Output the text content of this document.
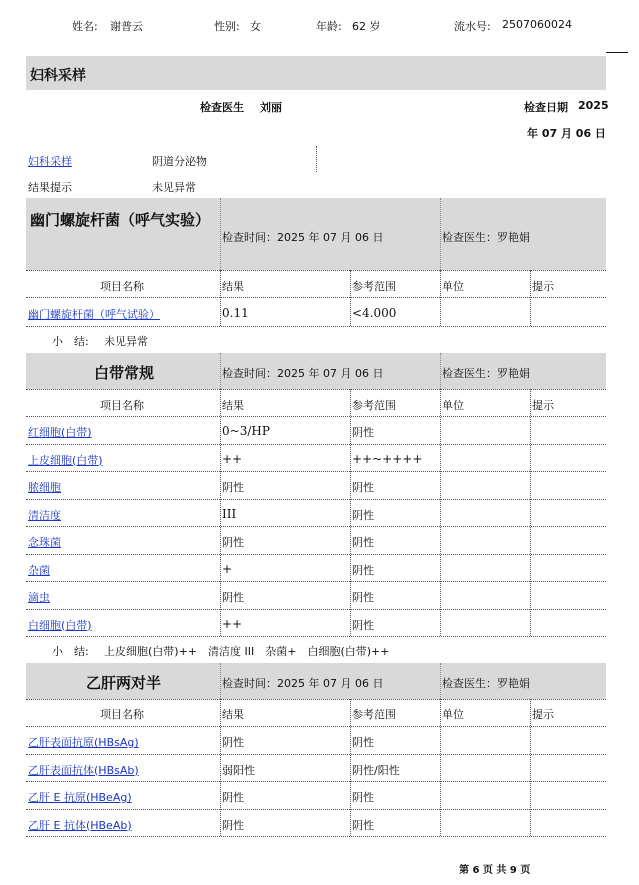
姓名: 谢普云	性别: 女	年龄: 62 岁	流水号: 2507060024
妇科采样
检查医生 刘丽	检查日期 2025
年 07 月 06 日
妇科采样	阴道分泌物
结果提示	未见异常
幽门螺旋杆菌（呼气实验）
检查时间：2025 年 07 月 06 日	检查医生：罗艳娟
项目名称	结果	参考范围	单位	提示
幽门螺旋杆菌（呼气试验）	0.11	<4.000
小　结: 未见异常
白带常规	检查时间：2025 年 07 月 06 日	检查医生：罗艳娟
项目名称	结果	参考范围	单位	提示
红细胞(白带)	0~3/HP	阴性
上皮细胞(白带)	++	++~++++
脓细胞	阴性	阴性
清洁度	III	阴性
念珠菌	阴性	阴性
杂菌	+	阴性
滴虫	阴性	阴性
白细胞(白带)	++	阴性
小　结: 上皮细胞(白带)++　清洁度 III　杂菌+　白细胞(白带)++
乙肝两对半	检查时间：2025 年 07 月 06 日	检查医生：罗艳娟
项目名称	结果	参考范围	单位	提示
乙肝表面抗原(HBsAg)	阴性	阴性
乙肝表面抗体(HBsAb)	弱阳性	阴性/阳性
乙肝 E 抗原(HBeAg)	阴性	阴性
乙肝 E 抗体(HBeAb)	阴性	阴性
第 6 页 共 9 页
